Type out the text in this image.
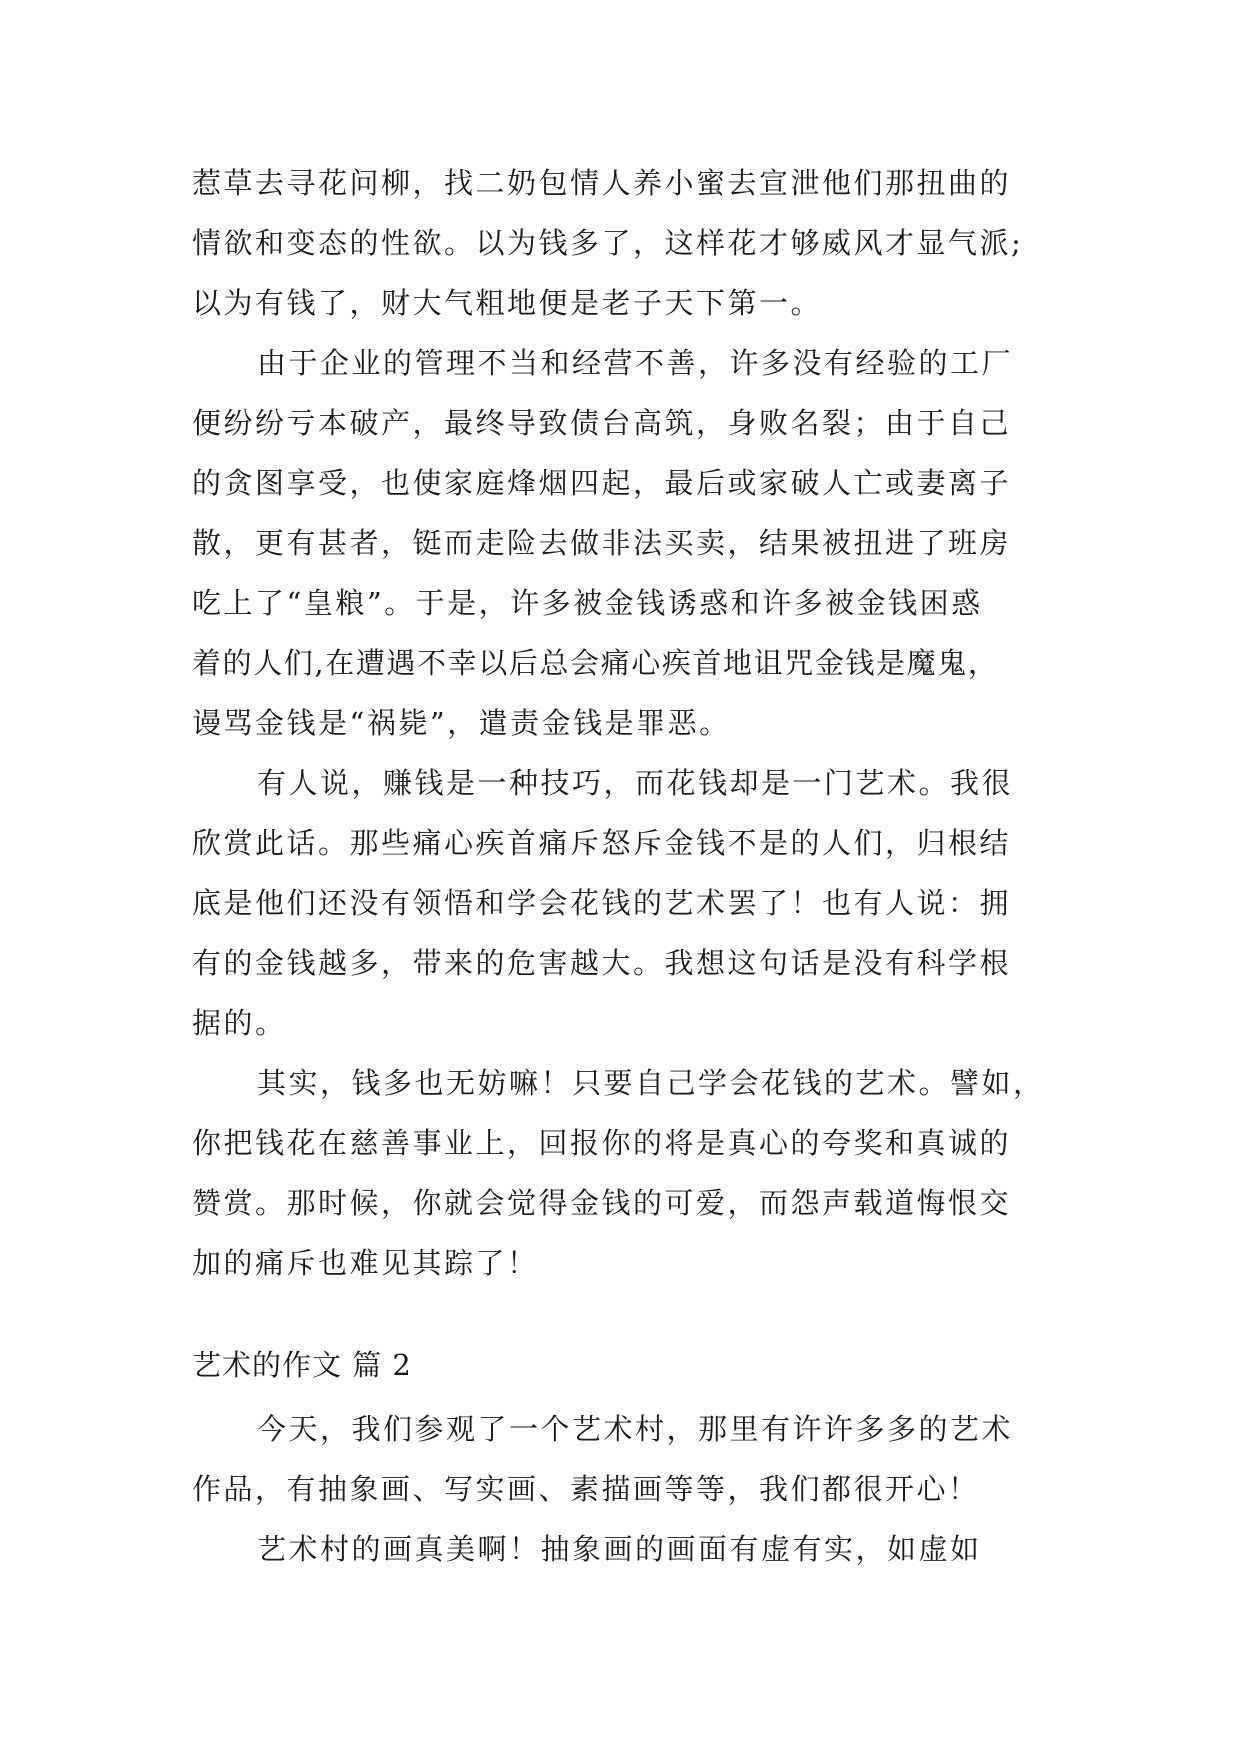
惹草去寻花问柳，找二奶包情人养小蜜去宣泄他们那扭曲的
情欲和变态的性欲。以为钱多了，这样花才够威风才显气派;
以为有钱了，财大气粗地便是老子天下第一。
由于企业的管理不当和经营不善，许多没有经验的工厂
便纷纷亏本破产，最终导致债台高筑，身败名裂；由于自己
的贪图享受，也使家庭烽烟四起，最后或家破人亡或妻离子
散，更有甚者，铤而走险去做非法买卖，结果被扭进了班房
吃上了“皇粮”。于是，许多被金钱诱惑和许多被金钱困惑
着的人们,在遭遇不幸以后总会痛心疾首地诅咒金钱是魔鬼，
谩骂金钱是“祸毙”，遣责金钱是罪恶。
有人说，赚钱是一种技巧，而花钱却是一门艺术。我很
欣赏此话。那些痛心疾首痛斥怒斥金钱不是的人们，归根结
底是他们还没有领悟和学会花钱的艺术罢了！也有人说：拥
有的金钱越多，带来的危害越大。我想这句话是没有科学根
据的。
其实，钱多也无妨嘛！只要自己学会花钱的艺术。譬如，
你把钱花在慈善事业上，回报你的将是真心的夸奖和真诚的
赞赏。那时候，你就会觉得金钱的可爱，而怨声载道悔恨交
加的痛斥也难见其踪了！
艺术的作文 篇 2
今天，我们参观了一个艺术村，那里有许许多多的艺术
作品，有抽象画、写实画、素描画等等，我们都很开心！
艺术村的画真美啊！抽象画的画面有虚有实，如虚如
